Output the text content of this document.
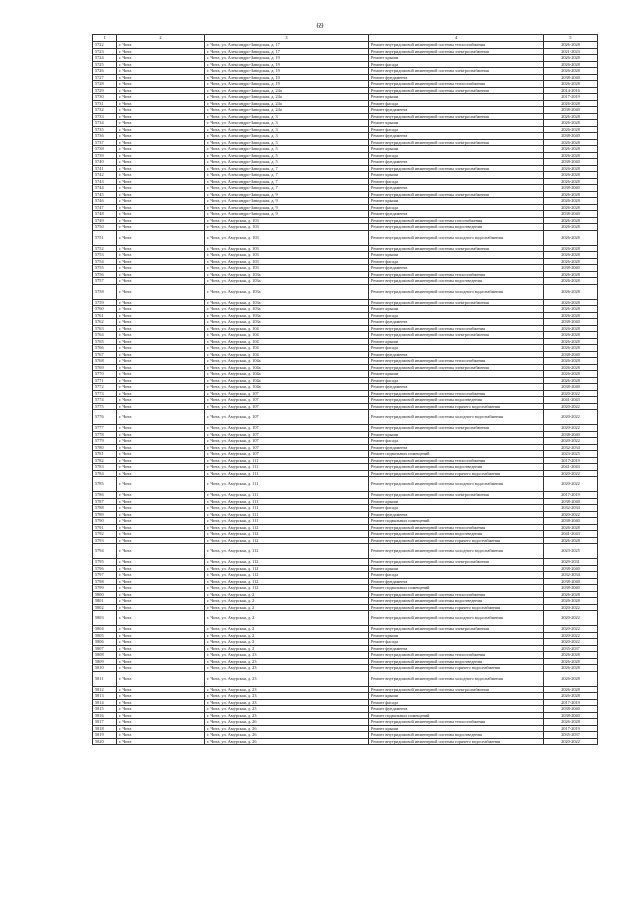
69
1	2	3	4	5
5722	г. Чита	г. Чита, ул. Александро-Заводская, д. 17	Ремонт внутридомовой инженерной системы теплоснабжения	2026-2028
5723	г. Чита	г. Чита, ул. Александро-Заводская, д. 17	Ремонт внутридомовой инженерной системы электроснабжения	2021-2023
5724	г. Чита	г. Чита, ул. Александро-Заводская, д. 19	Ремонт крыши	2026-2028
5725	г. Чита	г. Чита, ул. Александро-Заводская, д. 19	Ремонт фасада	2026-2028
5726	г. Чита	г. Чита, ул. Александро-Заводская, д. 19	Ремонт внутридомовой инженерной системы электроснабжения	2026-2028
5727	г. Чита	г. Чита, ул. Александро-Заводская, д. 19	Ремонт фундамента	2038-2040
5728	г. Чита	г. Чита, ул. Александро-Заводская, д. 19	Ремонт внутридомовой инженерной системы теплоснабжения	2026-2028
5729	г. Чита	г. Чита, ул. Александро-Заводская, д. 24а	Ремонт внутридомовой инженерной системы электроснабжения	2014-2016
5730	г. Чита	г. Чита, ул. Александро-Заводская, д. 24а	Ремонт крыши	2017-2019
5731	г. Чита	г. Чита, ул. Александро-Заводская, д. 24а	Ремонт фасада	2026-2028
5732	г. Чита	г. Чита, ул. Александро-Заводская, д. 24а	Ремонт фундамента	2038-2040
5733	г. Чита	г. Чита, ул. Александро-Заводская, д. 3	Ремонт внутридомовой инженерной системы электроснабжения	2026-2028
5734	г. Чита	г. Чита, ул. Александро-Заводская, д. 3	Ремонт крыши	2026-2028
5735	г. Чита	г. Чита, ул. Александро-Заводская, д. 3	Ремонт фасада	2026-2028
5736	г. Чита	г. Чита, ул. Александро-Заводская, д. 3	Ремонт фундамента	2038-2040
5737	г. Чита	г. Чита, ул. Александро-Заводская, д. 5	Ремонт внутридомовой инженерной системы электроснабжения	2026-2028
5738	г. Чита	г. Чита, ул. Александро-Заводская, д. 5	Ремонт крыши	2026-2028
5739	г. Чита	г. Чита, ул. Александро-Заводская, д. 5	Ремонт фасада	2026-2028
5740	г. Чита	г. Чита, ул. Александро-Заводская, д. 5	Ремонт фундамента	2038-2040
5741	г. Чита	г. Чита, ул. Александро-Заводская, д. 7	Ремонт внутридомовой инженерной системы электроснабжения	2026-2028
5742	г. Чита	г. Чита, ул. Александро-Заводская, д. 7	Ремонт крыши	2026-2028
5743	г. Чита	г. Чита, ул. Александро-Заводская, д. 7	Ремонт фасада	2026-2028
5744	г. Чита	г. Чита, ул. Александро-Заводская, д. 7	Ремонт фундамента	2038-2040
5745	г. Чита	г. Чита, ул. Александро-Заводская, д. 9	Ремонт внутридомовой инженерной системы электроснабжения	2026-2028
5746	г. Чита	г. Чита, ул. Александро-Заводская, д. 9	Ремонт крыши	2026-2028
5747	г. Чита	г. Чита, ул. Александро-Заводская, д. 9	Ремонт фасада	2026-2028
5748	г. Чита	г. Чита, ул. Александро-Заводская, д. 9	Ремонт фундамента	2038-2040
5749	г. Чита	г. Чита, ул. Амурская, д. 103	Ремонт внутридомовой инженерной системы газоснабжения	2026-2028
5750	г. Чита	г. Чита, ул. Амурская, д. 103	Ремонт внутридомовой инженерной системы водоотведения	2026-2028
5751	г. Чита	г. Чита, ул. Амурская, д. 103	Ремонт внутридомовой инженерной системы холодного водоснабжения	2026-2028
5752	г. Чита	г. Чита, ул. Амурская, д. 103	Ремонт внутридомовой инженерной системы электроснабжения	2026-2028
5753	г. Чита	г. Чита, ул. Амурская, д. 103	Ремонт крыши	2026-2028
5754	г. Чита	г. Чита, ул. Амурская, д. 103	Ремонт фасада	2026-2028
5755	г. Чита	г. Чита, ул. Амурская, д. 103	Ремонт фундамента	2038-2040
5756	г. Чита	г. Чита, ул. Амурская, д. 103а	Ремонт внутридомовой инженерной системы теплоснабжения	2026-2028
5757	г. Чита	г. Чита, ул. Амурская, д. 103а	Ремонт внутридомовой инженерной системы водоотведения	2026-2028
5758	г. Чита	г. Чита, ул. Амурская, д. 103а	Ремонт внутридомовой инженерной системы холодного водоснабжения	2026-2028
5759	г. Чита	г. Чита, ул. Амурская, д. 103а	Ремонт внутридомовой инженерной системы электроснабжения	2026-2028
5760	г. Чита	г. Чита, ул. Амурская, д. 103а	Ремонт крыши	2026-2028
5761	г. Чита	г. Чита, ул. Амурская, д. 103а	Ремонт фасада	2026-2028
5762	г. Чита	г. Чита, ул. Амурская, д. 103а	Ремонт фундамента	2038-2040
5763	г. Чита	г. Чита, ул. Амурская, д. 104	Ремонт внутридомовой инженерной системы теплоснабжения	2026-2028
5764	г. Чита	г. Чита, ул. Амурская, д. 104	Ремонт внутридомовой инженерной системы электроснабжения	2026-2028
5765	г. Чита	г. Чита, ул. Амурская, д. 104	Ремонт крыши	2026-2028
5766	г. Чита	г. Чита, ул. Амурская, д. 104	Ремонт фасада	2026-2028
5767	г. Чита	г. Чита, ул. Амурская, д. 104	Ремонт фундамента	2038-2040
5768	г. Чита	г. Чита, ул. Амурская, д. 104а	Ремонт внутридомовой инженерной системы теплоснабжения	2026-2028
5769	г. Чита	г. Чита, ул. Амурская, д. 104а	Ремонт внутридомовой инженерной системы электроснабжения	2026-2028
5770	г. Чита	г. Чита, ул. Амурская, д. 104а	Ремонт крыши	2026-2028
5771	г. Чита	г. Чита, ул. Амурская, д. 104а	Ремонт фасада	2026-2028
5772	г. Чита	г. Чита, ул. Амурская, д. 104а	Ремонт фундамента	2038-2040
5773	г. Чита	г. Чита, ул. Амурская, д. 107	Ремонт внутридомовой инженерной системы теплоснабжения	2020-2022
5774	г. Чита	г. Чита, ул. Амурская, д. 107	Ремонт внутридомовой инженерной системы водоотведения	2041-2043
5775	г. Чита	г. Чита, ул. Амурская, д. 107	Ремонт внутридомовой инженерной системы горячего водоснабжения	2020-2022
5776	г. Чита	г. Чита, ул. Амурская, д. 107	Ремонт внутридомовой инженерной системы холодного водоснабжения	2020-2022
5777	г. Чита	г. Чита, ул. Амурская, д. 107	Ремонт внутридомовой инженерной системы электроснабжения	2020-2022
5778	г. Чита	г. Чита, ул. Амурская, д. 107	Ремонт крыши	2038-2040
5779	г. Чита	г. Чита, ул. Амурская, д. 107	Ремонт фасада	2020-2022
5780	г. Чита	г. Чита, ул. Амурская, д. 107	Ремонт фундамента	2032-2034
5781	г. Чита	г. Чита, ул. Амурская, д. 107	Ремонт подвальных помещений	2023-2025
5782	г. Чита	г. Чита, ул. Амурская, д. 111	Ремонт внутридомовой инженерной системы теплоснабжения	2017-2019
5783	г. Чита	г. Чита, ул. Амурская, д. 111	Ремонт внутридомовой инженерной системы водоотведения	2041-2043
5784	г. Чита	г. Чита, ул. Амурская, д. 111	Ремонт внутридомовой инженерной системы горячего водоснабжения	2020-2022
5785	г. Чита	г. Чита, ул. Амурская, д. 111	Ремонт внутридомовой инженерной системы холодного водоснабжения	2020-2022
5786	г. Чита	г. Чита, ул. Амурская, д. 111	Ремонт внутридомовой инженерной системы электроснабжения	2017-2019
5787	г. Чита	г. Чита, ул. Амурская, д. 111	Ремонт крыши	2038-2040
5788	г. Чита	г. Чита, ул. Амурская, д. 111	Ремонт фасада	2032-2034
5789	г. Чита	г. Чита, ул. Амурская, д. 111	Ремонт фундамента	2020-2022
5790	г. Чита	г. Чита, ул. Амурская, д. 111	Ремонт подвальных помещений	2038-2040
5791	г. Чита	г. Чита, ул. Амурская, д. 112	Ремонт внутридомовой инженерной системы теплоснабжения	2026-2028
5792	г. Чита	г. Чита, ул. Амурская, д. 112	Ремонт внутридомовой инженерной системы водоотведения	2041-2043
5793	г. Чита	г. Чита, ул. Амурская, д. 112	Ремонт внутридомовой инженерной системы горячего водоснабжения	2026-2028
5794	г. Чита	г. Чита, ул. Амурская, д. 112	Ремонт внутридомовой инженерной системы холодного водоснабжения	2023-2025
5795	г. Чита	г. Чита, ул. Амурская, д. 112	Ремонт внутридомовой инженерной системы электроснабжения	2029-2031
5796	г. Чита	г. Чита, ул. Амурская, д. 112	Ремонт крыши	2038-2040
5797	г. Чита	г. Чита, ул. Амурская, д. 112	Ремонт фасада	2032-2034
5798	г. Чита	г. Чита, ул. Амурская, д. 112	Ремонт фундамента	2038-2040
5799	г. Чита	г. Чита, ул. Амурская, д. 112	Ремонт подвальных помещений	2038-2040
5800	г. Чита	г. Чита, ул. Амурская, д. 2	Ремонт внутридомовой инженерной системы теплоснабжения	2026-2028
5801	г. Чита	г. Чита, ул. Амурская, д. 2	Ремонт внутридомовой инженерной системы водоотведения	2026-2028
5802	г. Чита	г. Чита, ул. Амурская, д. 2	Ремонт внутридомовой инженерной системы горячего водоснабжения	2020-2022
5803	г. Чита	г. Чита, ул. Амурская, д. 2	Ремонт внутридомовой инженерной системы холодного водоснабжения	2020-2022
5804	г. Чита	г. Чита, ул. Амурская, д. 2	Ремонт внутридомовой инженерной системы электроснабжения	2020-2022
5805	г. Чита	г. Чита, ул. Амурская, д. 2	Ремонт крыши	2020-2022
5806	г. Чита	г. Чита, ул. Амурская, д. 2	Ремонт фасада	2020-2022
5807	г. Чита	г. Чита, ул. Амурская, д. 2	Ремонт фундамента	2035-2037
5808	г. Чита	г. Чита, ул. Амурская, д. 23	Ремонт внутридомовой инженерной системы теплоснабжения	2026-2028
5809	г. Чита	г. Чита, ул. Амурская, д. 23	Ремонт внутридомовой инженерной системы водоотведения	2026-2028
5810	г. Чита	г. Чита, ул. Амурская, д. 23	Ремонт внутридомовой инженерной системы горячего водоснабжения	2026-2028
5811	г. Чита	г. Чита, ул. Амурская, д. 23	Ремонт внутридомовой инженерной системы холодного водоснабжения	2026-2028
5812	г. Чита	г. Чита, ул. Амурская, д. 23	Ремонт внутридомовой инженерной системы электроснабжения	2026-2028
5813	г. Чита	г. Чита, ул. Амурская, д. 23	Ремонт крыши	2026-2028
5814	г. Чита	г. Чита, ул. Амурская, д. 23	Ремонт фасада	2017-2019
5815	г. Чита	г. Чита, ул. Амурская, д. 23	Ремонт фундамента	2038-2040
5816	г. Чита	г. Чита, ул. Амурская, д. 23	Ремонт подвальных помещений	2038-2040
5817	г. Чита	г. Чита, ул. Амурская, д. 26	Ремонт внутридомовой инженерной системы теплоснабжения	2026-2028
5818	г. Чита	г. Чита, ул. Амурская, д. 26	Ремонт крыши	2017-2019
5819	г. Чита	г. Чита, ул. Амурская, д. 26	Ремонт внутридомовой инженерной системы водоотведения	2035-2037
5820	г. Чита	г. Чита, ул. Амурская, д. 26	Ремонт внутридомовой инженерной системы горячего водоснабжения	2020-2022
